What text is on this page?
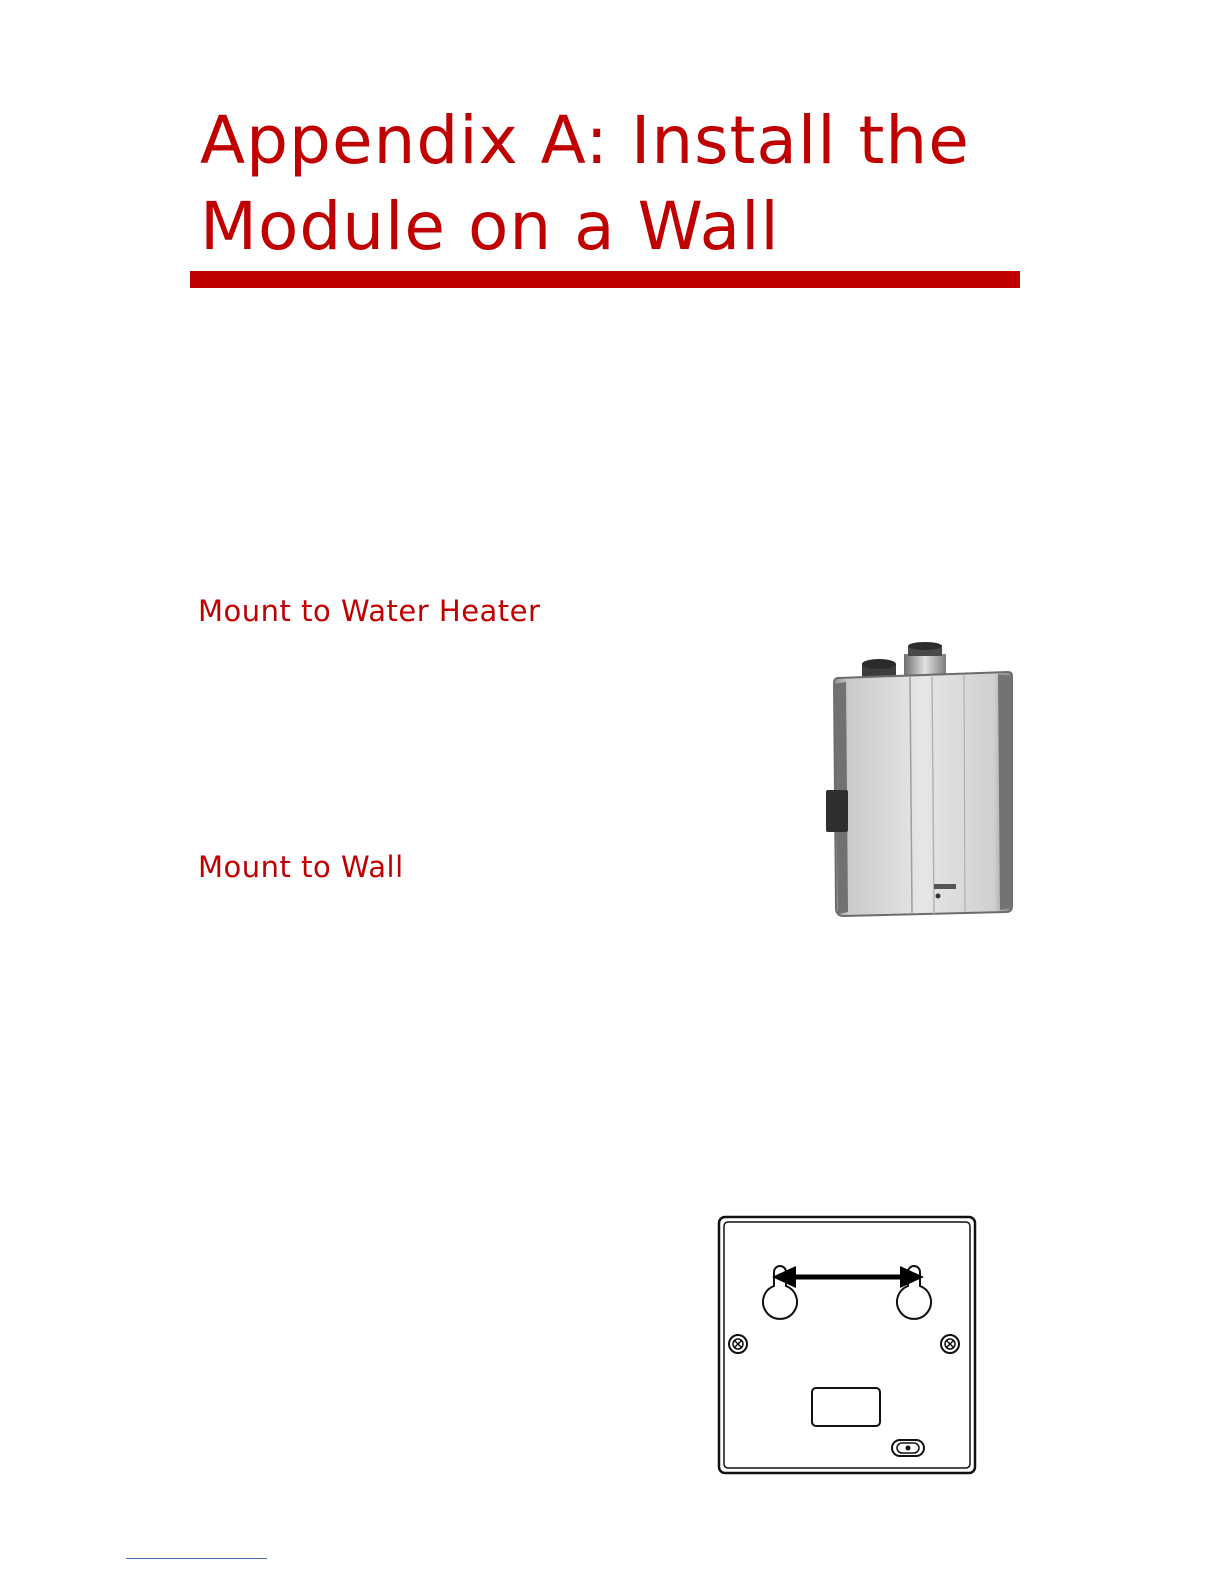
Appendix A: Install the
Module on a Wall
Mount to Water Heater
Mount to Wall
